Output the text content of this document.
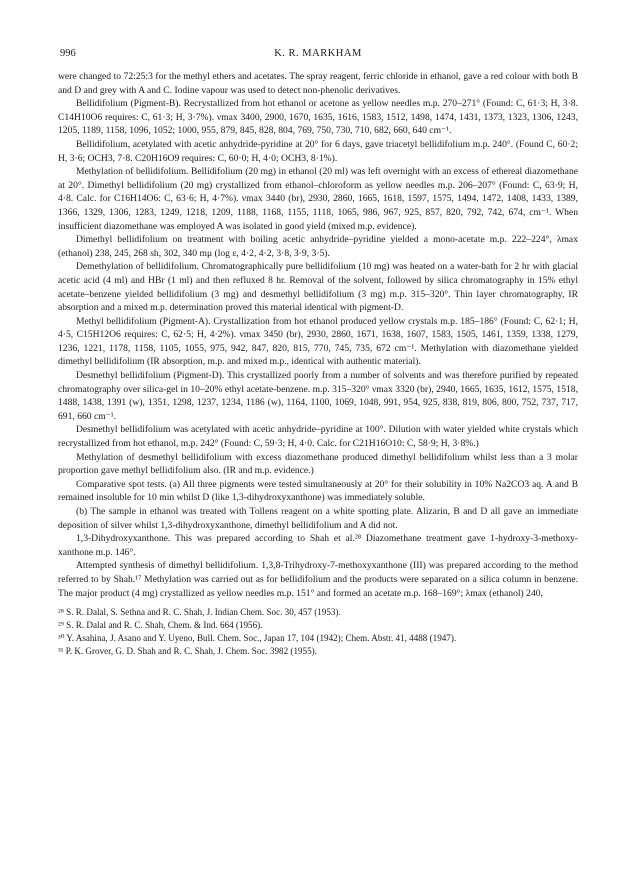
996	K. R. MARKHAM

were changed to 72:25:3 for the methyl ethers and acetates. The spray reagent, ferric chloride in ethanol, gave a red colour with both B and D and grey with A and C. Iodine vapour was used to detect non-phenolic derivatives.

Bellidifolium (Pigment-B). Recrystallized from hot ethanol or acetone as yellow needles m.p. 270–271° (Found: C, 61·3; H, 3·8. C14H10O6 requires: C, 61·3; H, 3·7%). νmax 3400, 2900, 1670, 1635, 1616, 1583, 1512, 1498, 1474, 1431, 1373, 1323, 1306, 1243, 1205, 1189, 1158, 1096, 1052; 1000, 955, 879, 845, 828, 804, 769, 750, 730, 710, 682, 660, 640 cm⁻¹.

Bellidifolium, acetylated with acetic anhydride-pyridine at 20° for 6 days, gave triacetyl bellidifolium m.p. 240°. (Found C, 60·2; H, 3·6; OCH3, 7·8. C20H16O9 requires: C, 60·0; H, 4·0; OCH3, 8·1%).

Methylation of bellidifolium. Bellidifolium (20 mg) in ethanol (20 ml) was left overnight with an excess of ethereal diazomethane at 20°. Dimethyl bellidifolium (20 mg) crystallized from ethanol–chloroform as yellow needles m.p. 206–207° (Found: C, 63·9; H, 4·8. Calc. for C16H14O6: C, 63·6; H, 4·7%). νmax 3440 (br), 2930, 2860, 1665, 1618, 1597, 1575, 1494, 1472, 1408, 1433, 1389, 1366, 1329, 1306, 1283, 1249, 1218, 1209, 1188, 1168, 1155, 1118, 1065, 986, 967, 925, 857, 820, 792, 742, 674, cm⁻¹. When insufficient diazomethane was employed A was isolated in good yield (mixed m.p. evidence).

Dimethyl bellidifolium on treatment with boiling acetic anhydride–pyridine yielded a mono-acetate m.p. 222–224°, λmax (ethanol) 238, 245, 268 sh, 302, 340 mμ (log ε, 4·2, 4·2, 3·8, 3·9, 3·5).

Demethylation of bellidifolium. Chromatographically pure bellidifolium (10 mg) was heated on a water-bath for 2 hr with glacial acetic acid (4 ml) and HBr (1 ml) and then refluxed 8 hr. Removal of the solvent, followed by silica chromatography in 15% ethyl acetate–benzene yielded bellidifolium (3 mg) and desmethyl bellidifolium (3 mg) m.p. 315–320°. Thin layer chromatography, IR absorption and a mixed m.p. determination proved this material identical with pigment-D.

Methyl bellidifolium (Pigment-A). Crystallization from hot ethanol produced yellow crystals m.p. 185–186° (Found: C, 62·1; H, 4·5, C15H12O6 requires: C, 62·5; H, 4·2%). νmax 3450 (br), 2930, 2860, 1671, 1638, 1607, 1583, 1505, 1461, 1359, 1338, 1279, 1236, 1221, 1178, 1158, 1105, 1055, 975, 942, 847, 820, 815, 770, 745, 735, 672 cm⁻¹. Methylation with diazomethane yielded dimethyl bellidifolium (IR absorption, m.p. and mixed m.p., identical with authentic material).

Desmethyl bellidifolium (Pigment-D). This crystallized poorly from a number of solvents and was therefore purified by repeated chromatography over silica-gel in 10–20% ethyl acetate-benzene. m.p. 315–320° νmax 3320 (br), 2940, 1665, 1635, 1612, 1575, 1518, 1488, 1438, 1391 (w), 1351, 1298, 1237, 1234, 1186 (w), 1164, 1100, 1069, 1048, 991, 954, 925, 838, 819, 806, 800, 752, 737, 717, 691, 660 cm⁻¹.

Desmethyl bellidifolium was acetylated with acetic anhydride–pyridine at 100°. Dilution with water yielded white crystals which recrystallized from hot ethanol, m.p. 242° (Found: C, 59·3; H, 4·0. Calc. for C21H16O10: C, 58·9; H, 3·8%.)

Methylation of desmethyl bellidifolium with excess diazomethane produced dimethyl bellidifolium whilst less than a 3 molar proportion gave methyl bellidifolium also. (IR and m.p. evidence.)

Comparative spot tests. (a) All three pigments were tested simultaneously at 20° for their solubility in 10% Na2CO3 aq. A and B remained insoluble for 10 min whilst D (like 1,3-dihydroxyxanthone) was immediately soluble.

(b) The sample in ethanol was treated with Tollens reagent on a white spotting plate. Alizarin, B and D all gave an immediate deposition of silver whilst 1,3-dihydroxyxanthone, dimethyl bellidifolium and A did not.

1,3-Dihydroxyxanthone. This was prepared according to Shah et al.²⁸ Diazomethane treatment gave 1-hydroxy-3-methoxy-xanthone m.p. 146°.

Attempted synthesis of dimethyl bellidifolium. 1,3,8-Trihydroxy-7-methoxyxanthone (III) was prepared according to the method referred to by Shah.¹⁷ Methylation was carried out as for bellidifolium and the products were separated on a silica column in benzene. The major product (4 mg) crystallized as yellow needles m.p. 151° and formed an acetate m.p. 168–169°; λmax (ethanol) 240,

²⁸ S. R. Dalal, S. Sethna and R. C. Shah, J. Indian Chem. Soc. 30, 457 (1953).

²⁹ S. R. Dalal and R. C. Shah, Chem. & Ind. 664 (1956).

³⁰ Y. Asahina, J. Asano and Y. Uyeno, Bull. Chem. Soc., Japan 17, 104 (1942); Chem. Abstr. 41, 4488 (1947).

³¹ P. K. Grover, G. D. Shah and R. C. Shah, J. Chem. Soc. 3982 (1955).
